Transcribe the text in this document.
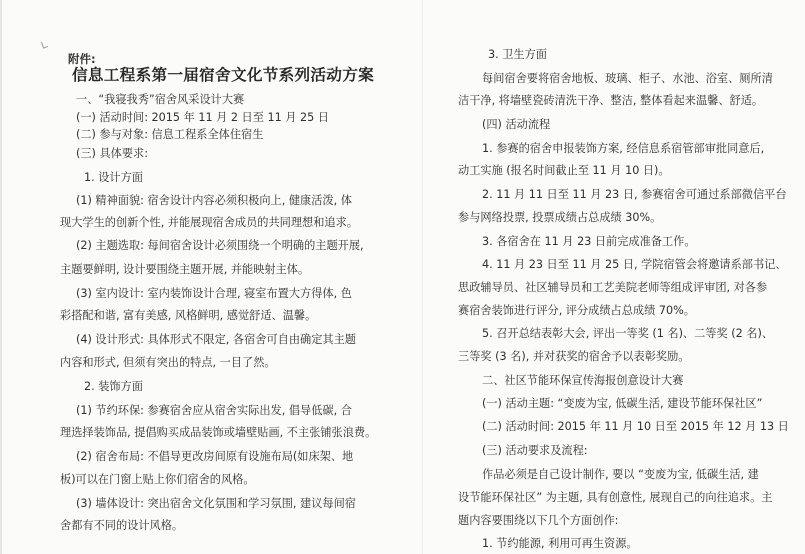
附件:
信息工程系第一届宿舍文化节系列活动方案
一、“我寝我秀”宿舍风采设计大赛
(一) 活动时间: 2015 年 11 月 2 日至 11 月 25 日
(二) 参与对象: 信息工程系全体住宿生
(三) 具体要求:
1. 设计方面
(1) 精神面貌: 宿舍设计内容必须积极向上, 健康活泼, 体
现大学生的创新个性, 并能展现宿舍成员的共同理想和追求。
(2) 主题选取: 每间宿舍设计必须围绕一个明确的主题开展,
主题要鲜明, 设计要围绕主题开展, 并能映射主体。
(3) 室内设计: 室内装饰设计合理, 寝室布置大方得体, 色
彩搭配和谐, 富有美感, 风格鲜明, 感觉舒适、温馨。
(4) 设计形式: 具体形式不限定, 各宿舍可自由确定其主题
内容和形式, 但须有突出的特点, 一目了然。
2. 装饰方面
(1) 节约环保: 参赛宿舍应从宿舍实际出发, 倡导低碳, 合
理选择装饰品, 提倡购买成品装饰或墙壁贴画, 不主张铺张浪费。
(2) 宿舍布局: 不倡导更改房间原有设施布局(如床架、地
板)可以在门窗上贴上你们宿舍的风格。
(3) 墙体设计: 突出宿舍文化氛围和学习氛围, 建议每间宿
舍都有不同的设计风格。
3. 卫生方面
每间宿舍要将宿舍地板、玻璃、柜子、水池、浴室、厕所清
洁干净, 将墙壁瓷砖清洗干净、整洁, 整体看起来温馨、舒适。
(四) 活动流程
1. 参赛的宿舍申报装饰方案, 经信息系宿管部审批同意后,
动工实施 (报名时间截止至 11 月 10 日)。
2. 11 月 11 日至 11 月 23 日, 参赛宿舍可通过系部微信平台
参与网络投票, 投票成绩占总成绩 30%。
3. 各宿舍在 11 月 23 日前完成准备工作。
4. 11 月 23 日至 11 月 25 日, 学院宿管会将邀请系部书记、
思政辅导员、社区辅导员和工艺美院老师等组成评审团, 对各参
赛宿舍装饰进行评分, 评分成绩占总成绩 70%。
5. 召开总结表彰大会, 评出一等奖 (1 名)、二等奖 (2 名)、
三等奖 (3 名), 并对获奖的宿舍予以表彰奖励。
二、社区节能环保宣传海报创意设计大赛
(一) 活动主题: “变废为宝, 低碳生活, 建设节能环保社区”
(二) 活动时间: 2015 年 11 月 10 日至 2015 年 12 月 13 日
(三) 活动要求及流程:
作品必须是自己设计制作, 要以 “变废为宝, 低碳生活, 建
设节能环保社区” 为主题, 具有创意性, 展现自己的向往追求。主
题内容要围绕以下几个方面创作:
1. 节约能源, 利用可再生资源。
